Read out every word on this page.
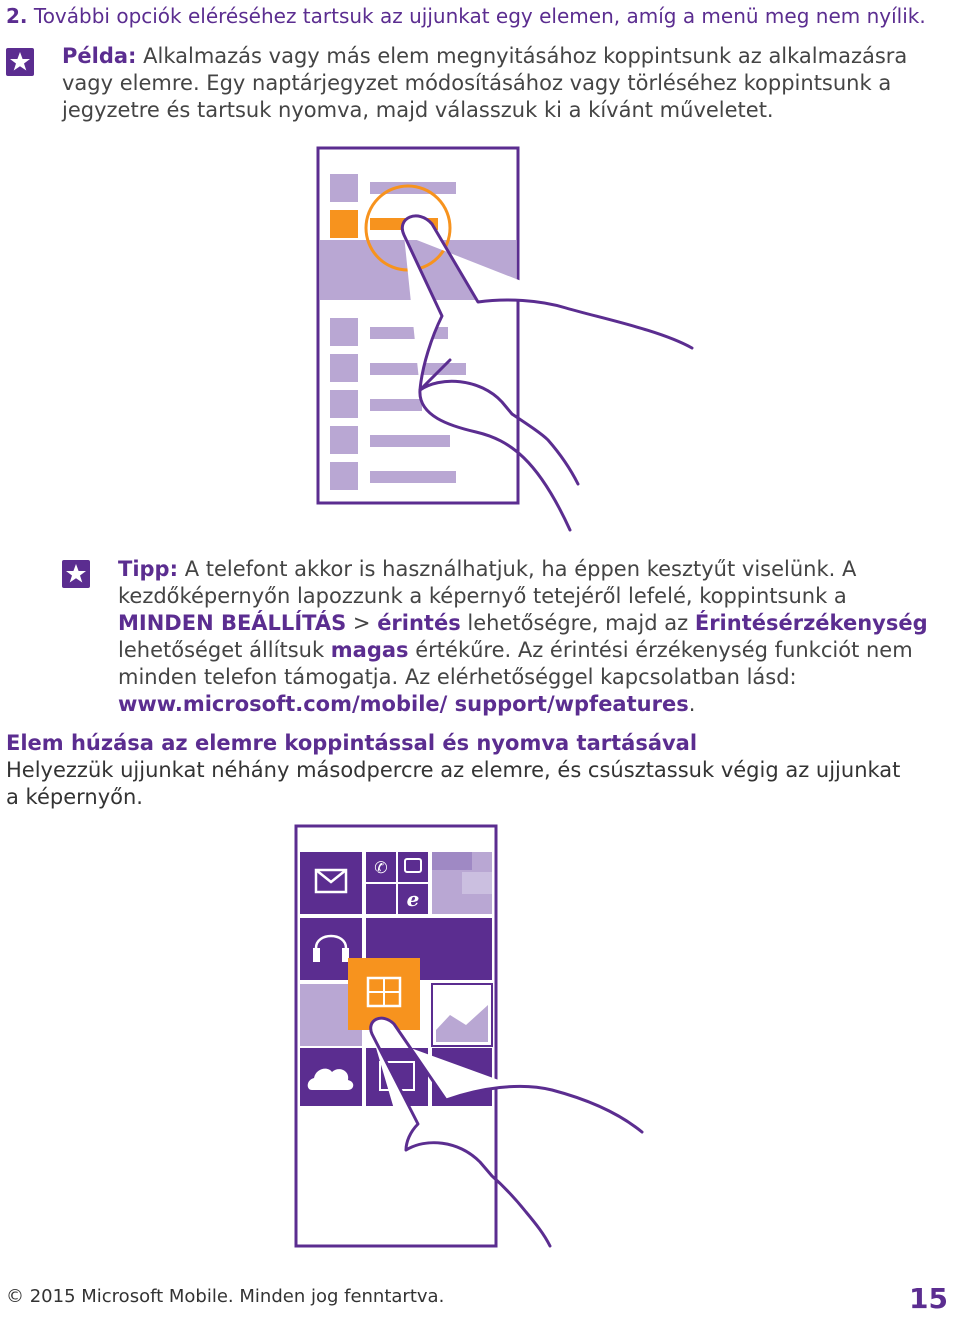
2. További opciók eléréséhez tartsuk az ujjunkat egy elemen, amíg a menü meg nem nyílik.
Példa: Alkalmazás vagy más elem megnyitásához koppintsunk az alkalmazásra vagy elemre. Egy naptárjegyzet módosításához vagy törléséhez koppintsunk a jegyzetre és tartsuk nyomva, majd válasszuk ki a kívánt műveletet.
Tipp: A telefont akkor is használhatjuk, ha éppen kesztyűt viselünk. A kezdőképernyőn lapozzunk a képernyő tetejéről lefelé, koppintsunk a MINDEN BEÁLLÍTÁS > érintés lehetőségre, majd az Érintésérzékenység lehetőséget állítsuk magas értékűre. Az érintési érzékenység funkciót nem minden telefon támogatja. Az elérhetőséggel kapcsolatban lásd: www.microsoft.com/mobile/ support/wpfeatures.
Elem húzása az elemre koppintással és nyomva tartásával
Helyezzük ujjunkat néhány másodpercre az elemre, és csúsztassuk végig az ujjunkat a képernyőn.
✆
e
© 2015 Microsoft Mobile. Minden jog fenntartva.	15
